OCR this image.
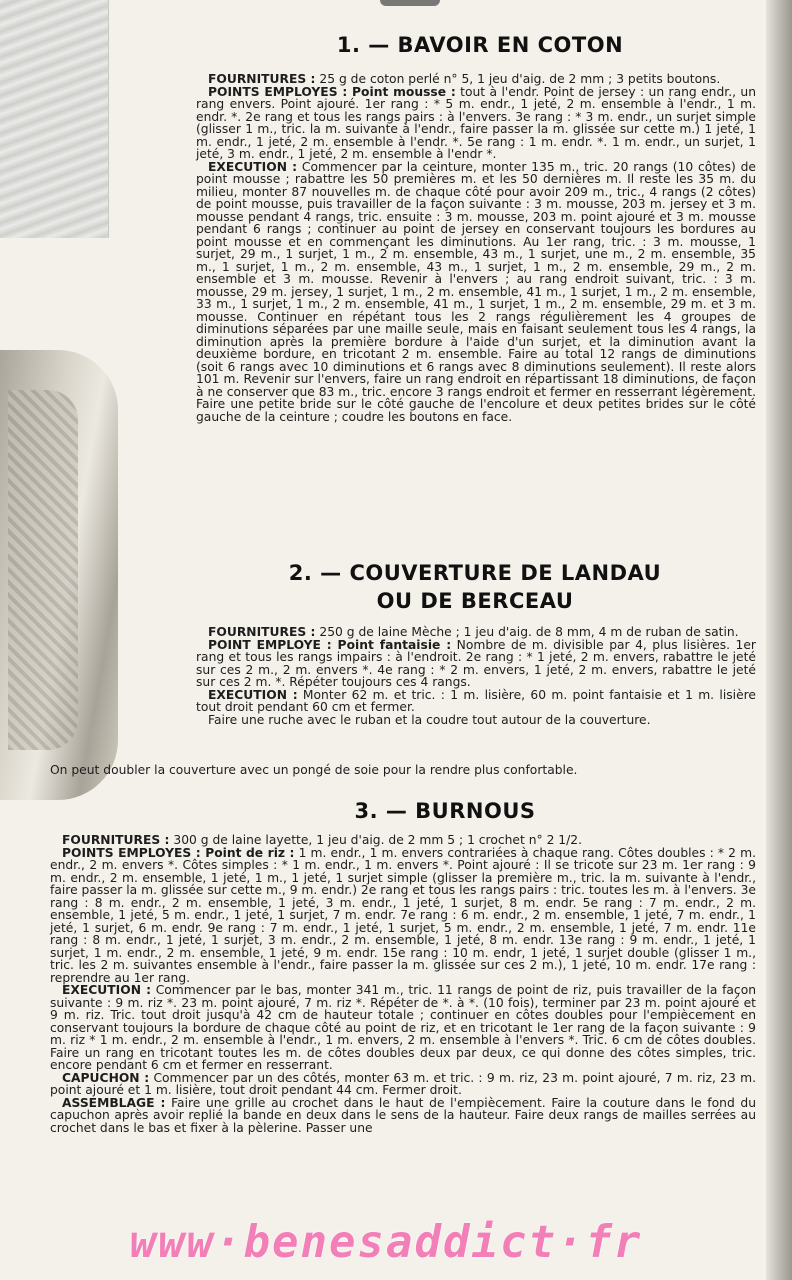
1. — BAVOIR EN COTON

FOURNITURES : 25 g de coton perlé n° 5, 1 jeu d'aig. de 2 mm ; 3 petits boutons.

POINTS EMPLOYES : Point mousse : tout à l'endr. Point de jersey : un rang endr., un rang envers. Point ajouré. 1er rang : * 5 m. endr., 1 jeté, 2 m. ensemble à l'endr., 1 m. endr. *. 2e rang et tous les rangs pairs : à l'envers. 3e rang : * 3 m. endr., un surjet simple (glisser 1 m., tric. la m. suivante à l'endr., faire passer la m. glissée sur cette m.) 1 jeté, 1 m. endr., 1 jeté, 2 m. ensemble à l'endr. *. 5e rang : 1 m. endr. *. 1 m. endr., un surjet, 1 jeté, 3 m. endr., 1 jeté, 2 m. ensemble à l'endr *.

EXECUTION : Commencer par la ceinture, monter 135 m., tric. 20 rangs (10 côtes) de point mousse ; rabattre les 50 premières m. et les 50 dernières m. Il reste les 35 m. du milieu, monter 87 nouvelles m. de chaque côté pour avoir 209 m., tric., 4 rangs (2 côtes) de point mousse, puis travailler de la façon suivante : 3 m. mousse, 203 m. jersey et 3 m. mousse pendant 4 rangs, tric. ensuite : 3 m. mousse, 203 m. point ajouré et 3 m. mousse pendant 6 rangs ; continuer au point de jersey en conservant toujours les bordures au point mousse et en commençant les diminutions. Au 1er rang, tric. : 3 m. mousse, 1 surjet, 29 m., 1 surjet, 1 m., 2 m. ensemble, 43 m., 1 surjet, une m., 2 m. ensemble, 35 m., 1 surjet, 1 m., 2 m. ensemble, 43 m., 1 surjet, 1 m., 2 m. ensemble, 29 m., 2 m. ensemble et 3 m. mousse. Revenir à l'envers ; au rang endroit suivant, tric. : 3 m. mousse, 29 m. jersey, 1 surjet, 1 m., 2 m. ensemble, 41 m., 1 surjet, 1 m., 2 m. ensemble, 33 m., 1 surjet, 1 m., 2 m. ensemble, 41 m., 1 surjet, 1 m., 2 m. ensemble, 29 m. et 3 m. mousse. Continuer en répétant tous les 2 rangs régulièrement les 4 groupes de diminutions séparées par une maille seule, mais en faisant seulement tous les 4 rangs, la diminution après la première bordure à l'aide d'un surjet, et la diminution avant la deuxième bordure, en tricotant 2 m. ensemble. Faire au total 12 rangs de diminutions (soit 6 rangs avec 10 diminutions et 6 rangs avec 8 diminutions seulement). Il reste alors 101 m. Revenir sur l'envers, faire un rang endroit en répartissant 18 diminutions, de façon à ne conserver que 83 m., tric. encore 3 rangs endroit et fermer en resserrant légèrement. Faire une petite bride sur le côté gauche de l'encolure et deux petites brides sur le côté gauche de la ceinture ; coudre les boutons en face.

2. — COUVERTURE DE LANDAU
OU DE BERCEAU

FOURNITURES : 250 g de laine Mèche ; 1 jeu d'aig. de 8 mm, 4 m de ruban de satin.

POINT EMPLOYE : Point fantaisie : Nombre de m. divisible par 4, plus lisières. 1er rang et tous les rangs impairs : à l'endroit. 2e rang : * 1 jeté, 2 m. envers, rabattre le jeté sur ces 2 m., 2 m. envers *. 4e rang : * 2 m. envers, 1 jeté, 2 m. envers, rabattre le jeté sur ces 2 m. *. Répéter toujours ces 4 rangs.

EXECUTION : Monter 62 m. et tric. : 1 m. lisière, 60 m. point fantaisie et 1 m. lisière tout droit pendant 60 cm et fermer.

Faire une ruche avec le ruban et la coudre tout autour de la couverture.

On peut doubler la couverture avec un pongé de soie pour la rendre plus confortable.

3. — BURNOUS

FOURNITURES : 300 g de laine layette, 1 jeu d'aig. de 2 mm 5 ; 1 crochet n° 2 1/2.

POINTS EMPLOYES : Point de riz : 1 m. endr., 1 m. envers contrariées à chaque rang. Côtes doubles : * 2 m. endr., 2 m. envers *. Côtes simples : * 1 m. endr., 1 m. envers *. Point ajouré : Il se tricote sur 23 m. 1er rang : 9 m. endr., 2 m. ensemble, 1 jeté, 1 m., 1 jeté, 1 surjet simple (glisser la première m., tric. la m. suivante à l'endr., faire passer la m. glissée sur cette m., 9 m. endr.) 2e rang et tous les rangs pairs : tric. toutes les m. à l'envers. 3e rang : 8 m. endr., 2 m. ensemble, 1 jeté, 3 m. endr., 1 jeté, 1 surjet, 8 m. endr. 5e rang : 7 m. endr., 2 m. ensemble, 1 jeté, 5 m. endr., 1 jeté, 1 surjet, 7 m. endr. 7e rang : 6 m. endr., 2 m. ensemble, 1 jeté, 7 m. endr., 1 jeté, 1 surjet, 6 m. endr. 9e rang : 7 m. endr., 1 jeté, 1 surjet, 5 m. endr., 2 m. ensemble, 1 jeté, 7 m. endr. 11e rang : 8 m. endr., 1 jeté, 1 surjet, 3 m. endr., 2 m. ensemble, 1 jeté, 8 m. endr. 13e rang : 9 m. endr., 1 jeté, 1 surjet, 1 m. endr., 2 m. ensemble, 1 jeté, 9 m. endr. 15e rang : 10 m. endr, 1 jeté, 1 surjet double (glisser 1 m., tric. les 2 m. suivantes ensemble à l'endr., faire passer la m. glissée sur ces 2 m.), 1 jeté, 10 m. endr. 17e rang : reprendre au 1er rang.

EXECUTION : Commencer par le bas, monter 341 m., tric. 11 rangs de point de riz, puis travailler de la façon suivante : 9 m. riz *. 23 m. point ajouré, 7 m. riz *. Répéter de *. à *. (10 fois), terminer par 23 m. point ajouré et 9 m. riz. Tric. tout droit jusqu'à 42 cm de hauteur totale ; continuer en côtes doubles pour l'empiècement en conservant toujours la bordure de chaque côté au point de riz, et en tricotant le 1er rang de la façon suivante : 9 m. riz * 1 m. endr., 2 m. ensemble à l'endr., 1 m. envers, 2 m. ensemble à l'envers *. Tric. 6 cm de côtes doubles. Faire un rang en tricotant toutes les m. de côtes doubles deux par deux, ce qui donne des côtes simples, tric. encore pendant 6 cm et fermer en resserrant.

CAPUCHON : Commencer par un des côtés, monter 63 m. et tric. : 9 m. riz, 23 m. point ajouré, 7 m. riz, 23 m. point ajouré et 1 m. lisière, tout droit pendant 44 cm. Fermer droit.

ASSEMBLAGE : Faire une grille au crochet dans le haut de l'empiècement. Faire la couture dans le fond du capuchon après avoir replié la bande en deux dans le sens de la hauteur. Faire deux rangs de mailles serrées au crochet dans le bas et fixer à la pèlerine. Passer une

www·benesaddict·fr
